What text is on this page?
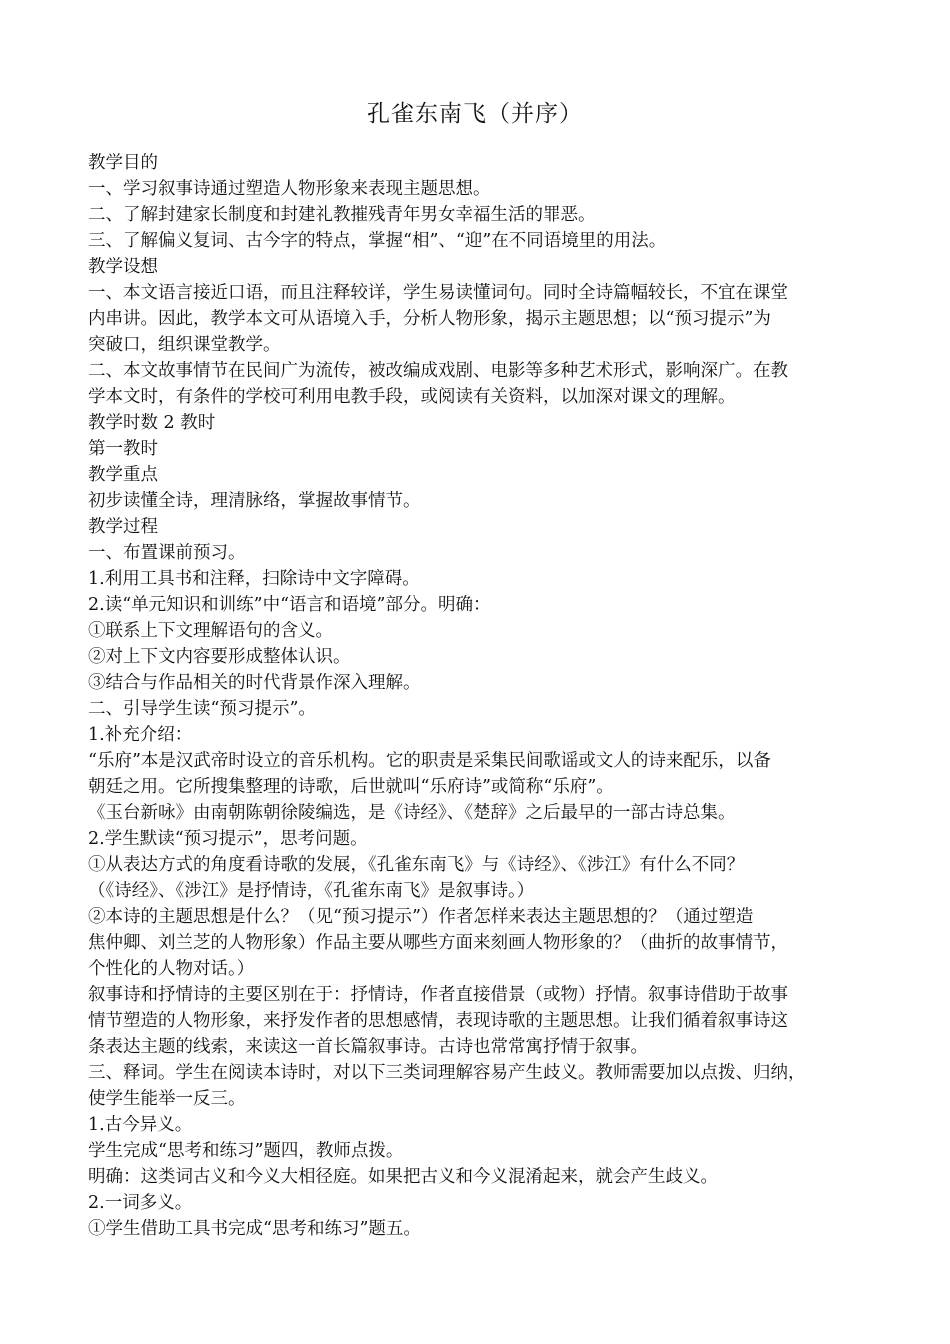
孔雀东南飞（并序）

教学目的

一、学习叙事诗通过塑造人物形象来表现主题思想。

二、了解封建家长制度和封建礼教摧残青年男女幸福生活的罪恶。

三、了解偏义复词、古今字的特点，掌握“相”、“迎”在不同语境里的用法。

教学设想

一、本文语言接近口语，而且注释较详，学生易读懂词句。同时全诗篇幅较长，不宜在课堂

内串讲。因此，教学本文可从语境入手，分析人物形象，揭示主题思想；以“预习提示”为

突破口，组织课堂教学。

二、本文故事情节在民间广为流传，被改编成戏剧、电影等多种艺术形式，影响深广。在教

学本文时，有条件的学校可利用电教手段，或阅读有关资料，以加深对课文的理解。

教学时数 2 教时

第一教时

教学重点

初步读懂全诗，理清脉络，掌握故事情节。

教学过程

一、布置课前预习。

1.利用工具书和注释，扫除诗中文字障碍。

2.读“单元知识和训练”中“语言和语境”部分。明确：

①联系上下文理解语句的含义。

②对上下文内容要形成整体认识。

③结合与作品相关的时代背景作深入理解。

二、引导学生读“预习提示”。

1.补充介绍：

“乐府”本是汉武帝时设立的音乐机构。它的职责是采集民间歌谣或文人的诗来配乐，以备

朝廷之用。它所搜集整理的诗歌，后世就叫“乐府诗”或简称“乐府”。

《玉台新咏》由南朝陈朝徐陵编选，是《诗经》、《楚辞》之后最早的一部古诗总集。

2.学生默读“预习提示”，思考问题。

①从表达方式的角度看诗歌的发展，《孔雀东南飞》与《诗经》、《涉江》有什么不同？

（《诗经》、《涉江》是抒情诗，《孔雀东南飞》是叙事诗。）

②本诗的主题思想是什么？（见“预习提示”）作者怎样来表达主题思想的？（通过塑造

焦仲卿、刘兰芝的人物形象）作品主要从哪些方面来刻画人物形象的？（曲折的故事情节，

个性化的人物对话。）

叙事诗和抒情诗的主要区别在于：抒情诗，作者直接借景（或物）抒情。叙事诗借助于故事

情节塑造的人物形象，来抒发作者的思想感情，表现诗歌的主题思想。让我们循着叙事诗这

条表达主题的线索，来读这一首长篇叙事诗。古诗也常常寓抒情于叙事。

三、释词。学生在阅读本诗时，对以下三类词理解容易产生歧义。教师需要加以点拨、归纳，

使学生能举一反三。

1.古今异义。

学生完成“思考和练习”题四，教师点拨。

明确：这类词古义和今义大相径庭。如果把古义和今义混淆起来，就会产生歧义。

2.一词多义。

①学生借助工具书完成“思考和练习”题五。
